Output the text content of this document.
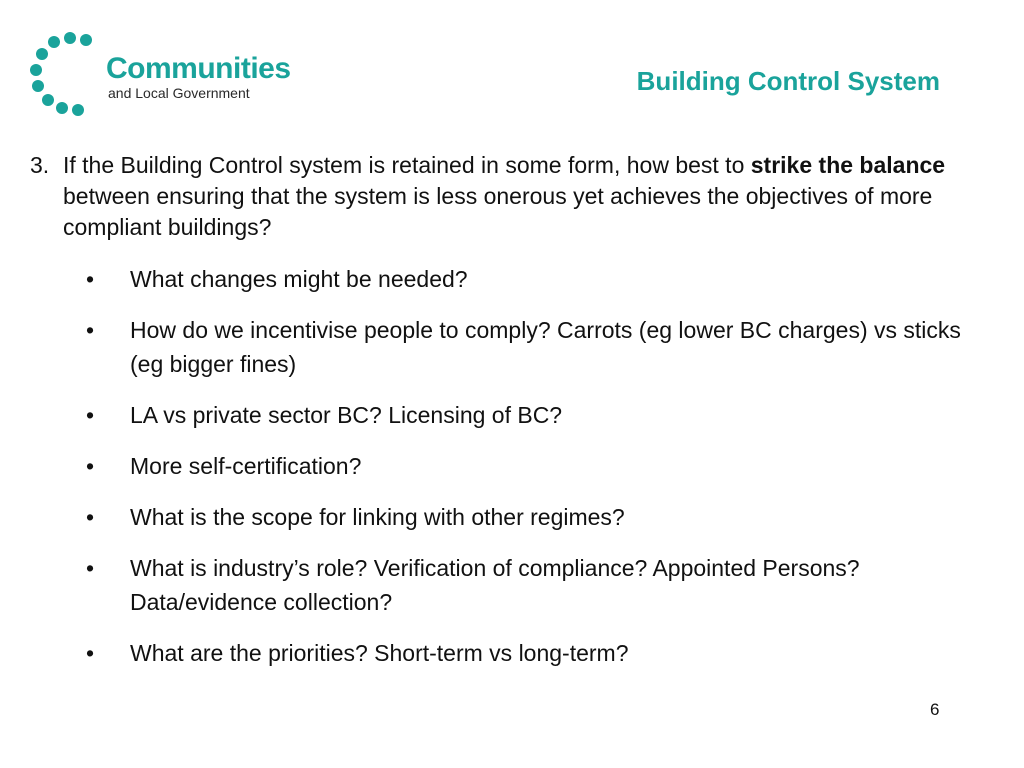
Communities
and Local Government	Building Control System
3. If the Building Control system is retained in some form, how best to strike the balance between ensuring that the system is less onerous yet achieves the objectives of more compliant buildings?
• What changes might be needed?
• How do we incentivise people to comply? Carrots (eg lower BC charges) vs sticks (eg bigger fines)
• LA vs private sector BC? Licensing of BC?
• More self-certification?
• What is the scope for linking with other regimes?
• What is industry’s role? Verification of compliance? Appointed Persons? Data/evidence collection?
• What are the priorities? Short-term vs long-term?
6
